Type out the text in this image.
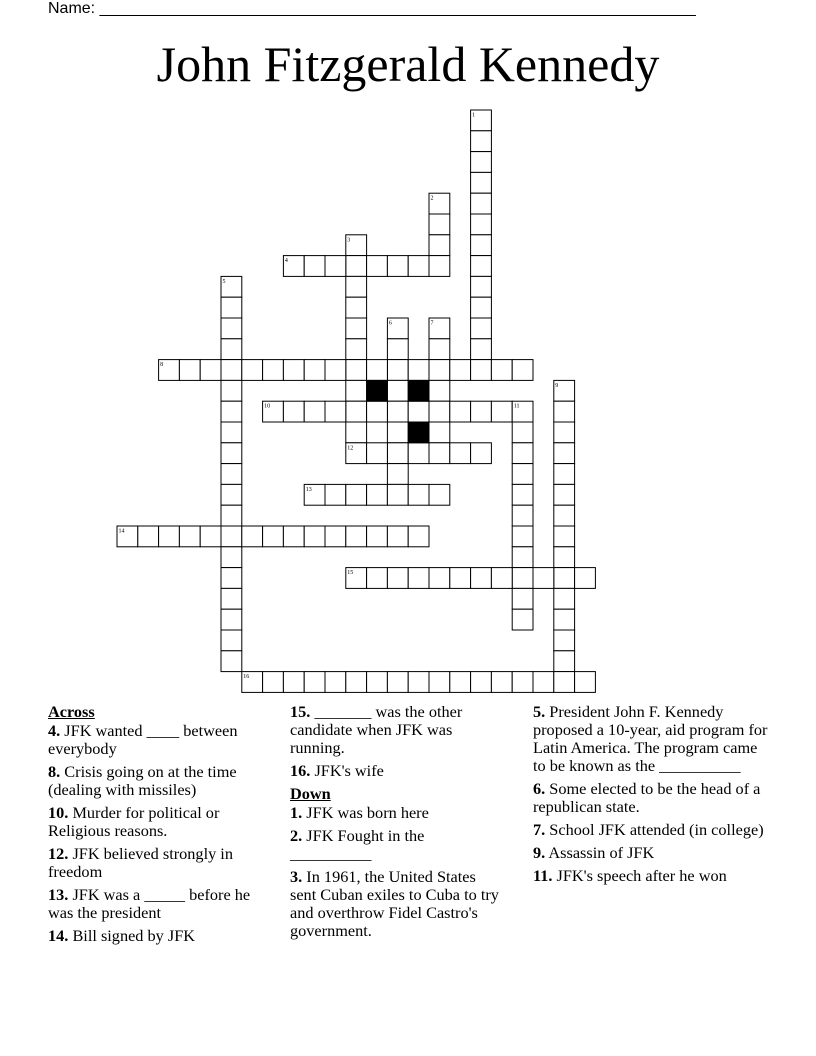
Name: ___________________________________________________________________
John Fitzgerald Kennedy
1
2
3
4
5
6	7
8
9
10	11
12
13
14
15
16
Across
4. JFK wanted ____ between everybody
8. Crisis going on at the time (dealing with missiles)
10. Murder for political or Religious reasons.
12. JFK believed strongly in freedom
13. JFK was a _____ before he was the president
14. Bill signed by JFK
15. _______ was the other candidate when JFK was running.
16. JFK's wife
Down
1. JFK was born here
2. JFK Fought in the __________
3. In 1961, the United States sent Cuban exiles to Cuba to try and overthrow Fidel Castro's government.
5. President John F. Kennedy proposed a 10-year, aid program for Latin America. The program came to be known as the __________
6. Some elected to be the head of a republican state.
7. School JFK attended (in college)
9. Assassin of JFK
11. JFK's speech after he won
